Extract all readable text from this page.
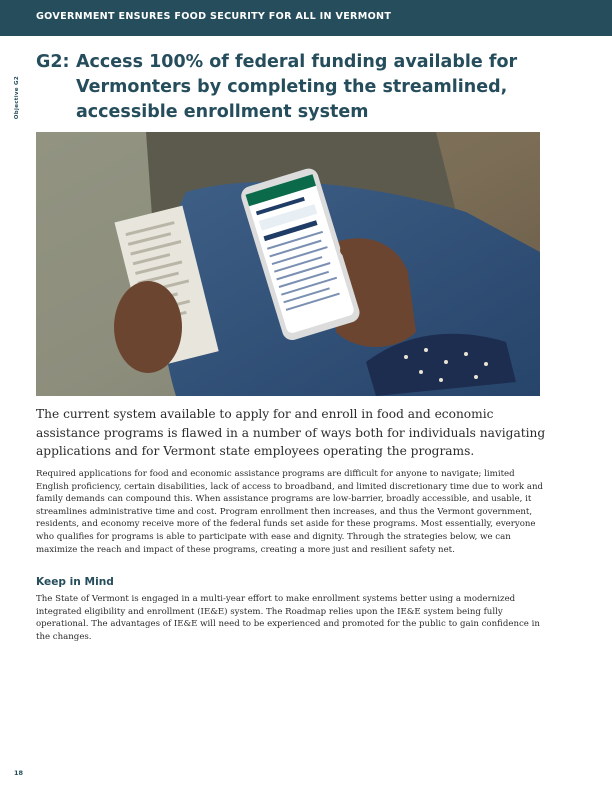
GOVERNMENT ENSURES FOOD SECURITY FOR ALL IN VERMONT
Objective G2
G2: Access 100% of federal funding available for
Vermonters by completing the streamlined,
accessible enrollment system
The current system available to apply for and enroll in food and economic assistance programs is flawed in a number of ways both for individuals navigating applications and for Vermont state employees operating the programs.

Required applications for food and economic assistance programs are difficult for anyone to navigate; limited English proficiency, certain disabilities, lack of access to broadband, and limited discretionary time due to work and family demands can compound this. When assistance programs are low-barrier, broadly accessible, and usable, it streamlines administrative time and cost. Program enrollment then increases, and thus the Vermont government, residents, and economy receive more of the federal funds set aside for these programs. Most essentially, everyone who qualifies for programs is able to participate with ease and dignity. Through the strategies below, we can maximize the reach and impact of these programs, creating a more just and resilient safety net.

Keep in Mind

The State of Vermont is engaged in a multi-year effort to make enrollment systems better using a modernized integrated eligibility and enrollment (IE&E) system. The Roadmap relies upon the IE&E system being fully operational. The advantages of IE&E will need to be experienced and promoted for the public to gain confidence in the changes.

18
